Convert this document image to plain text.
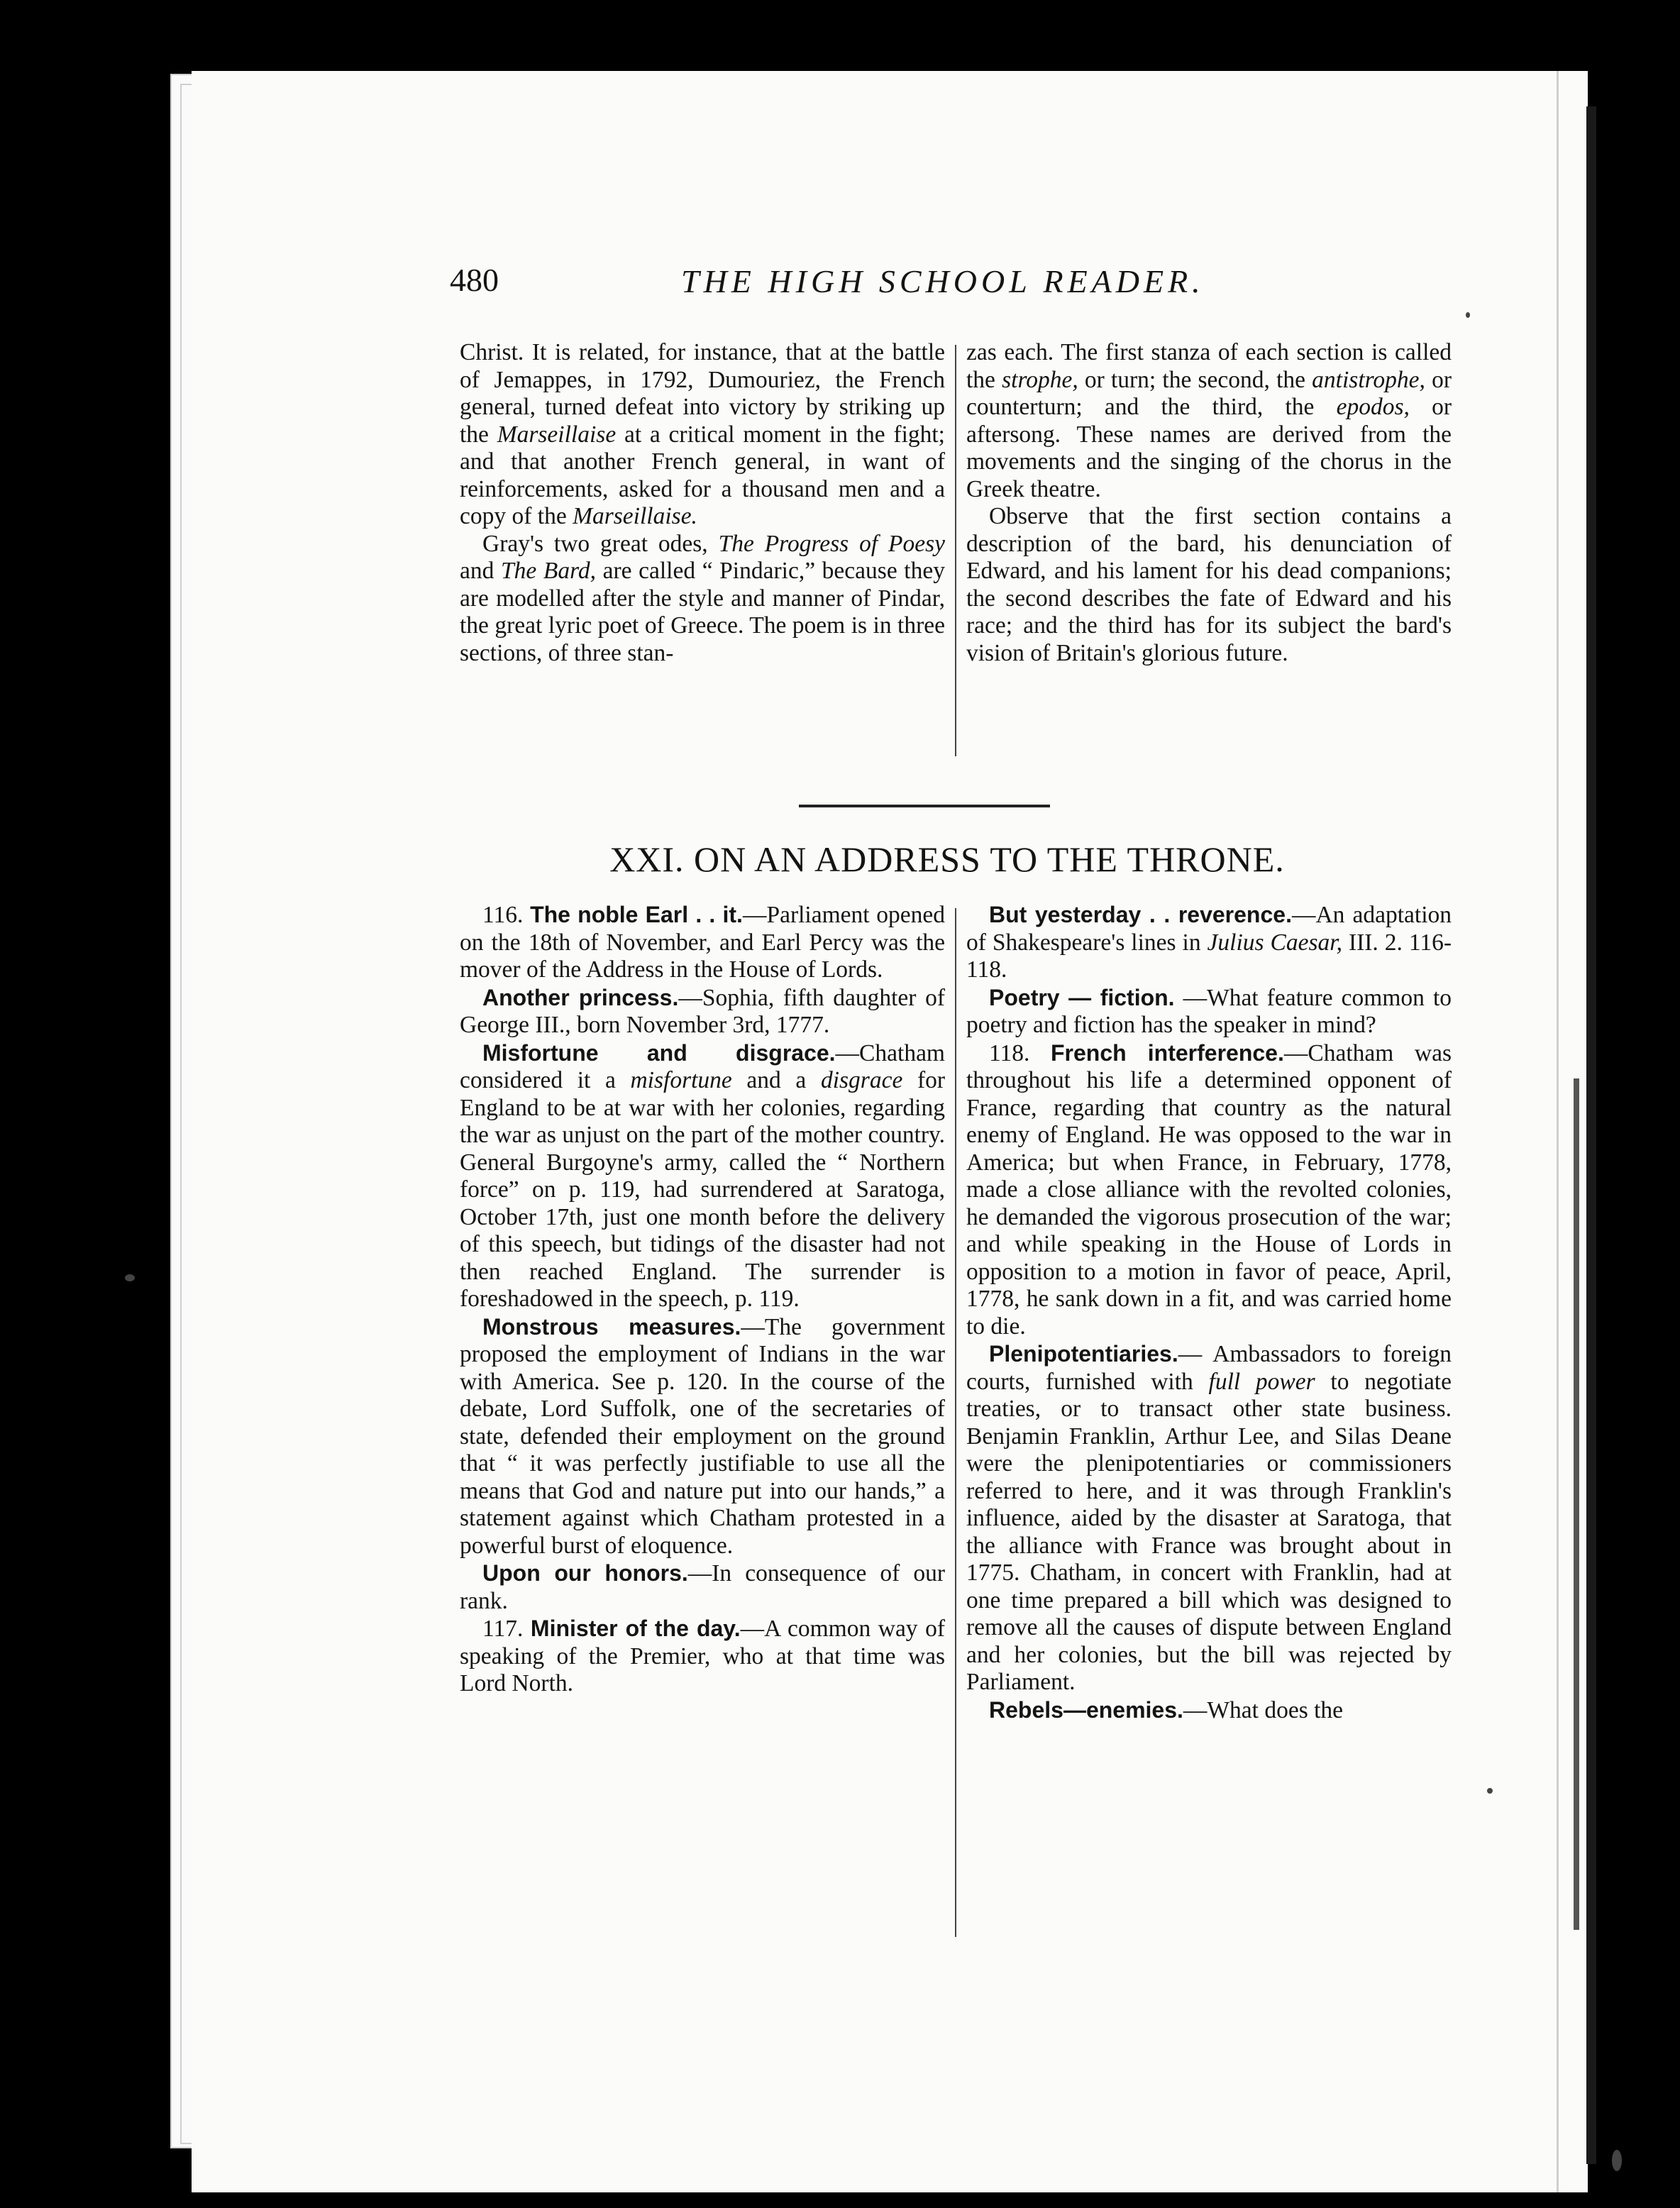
480	THE HIGH SCHOOL READER.

Christ. It is related, for instance, that at the battle of Jemappes, in 1792, Dumouriez, the French general, turned defeat into victory by striking up the Marseillaise at a critical moment in the fight; and that another French general, in want of reinforcements, asked for a thousand men and a copy of the Marseillaise.

Gray's two great odes, The Progress of Poesy and The Bard, are called “ Pindaric,” because they are modelled after the style and manner of Pindar, the great lyric poet of Greece. The poem is in three sections, of three stan-

zas each. The first stanza of each section is called the strophe, or turn; the second, the antistrophe, or counterturn; and the third, the epodos, or aftersong. These names are derived from the movements and the singing of the chorus in the Greek theatre.

Observe that the first section contains a description of the bard, his denunciation of Edward, and his lament for his dead companions; the second describes the fate of Edward and his race; and the third has for its subject the bard's vision of Britain's glorious future.

XXI. ON AN ADDRESS TO THE THRONE.

116. The noble Earl . . it.—Parliament opened on the 18th of November, and Earl Percy was the mover of the Address in the House of Lords.

Another princess.—Sophia, fifth daughter of George III., born November 3rd, 1777.

Misfortune and disgrace.—Chatham considered it a misfortune and a disgrace for England to be at war with her colonies, regarding the war as unjust on the part of the mother country. General Burgoyne's army, called the “ Northern force” on p. 119, had surrendered at Saratoga, October 17th, just one month before the delivery of this speech, but tidings of the disaster had not then reached England. The surrender is foreshadowed in the speech, p. 119.

Monstrous measures.—The government proposed the employment of Indians in the war with America. See p. 120. In the course of the debate, Lord Suffolk, one of the secretaries of state, defended their employment on the ground that “ it was perfectly justifiable to use all the means that God and nature put into our hands,” a statement against which Chatham protested in a powerful burst of eloquence.

Upon our honors.—In consequence of our rank.

117. Minister of the day.—A common way of speaking of the Premier, who at that time was Lord North.

But yesterday . . reverence.—An adaptation of Shakespeare's lines in Julius Caesar, III. 2. 116-118.

Poetry — fiction. —What feature common to poetry and fiction has the speaker in mind?

118. French interference.—Chatham was throughout his life a determined opponent of France, regarding that country as the natural enemy of England. He was opposed to the war in America; but when France, in February, 1778, made a close alliance with the revolted colonies, he demanded the vigorous prosecution of the war; and while speaking in the House of Lords in opposition to a motion in favor of peace, April, 1778, he sank down in a fit, and was carried home to die.

Plenipotentiaries.— Ambassadors to foreign courts, furnished with full power to negotiate treaties, or to transact other state business. Benjamin Franklin, Arthur Lee, and Silas Deane were the plenipotentiaries or commissioners referred to here, and it was through Franklin's influence, aided by the disaster at Saratoga, that the alliance with France was brought about in 1775. Chatham, in concert with Franklin, had at one time prepared a bill which was designed to remove all the causes of dispute between England and her colonies, but the bill was rejected by Parliament.

Rebels—enemies.—What does the
